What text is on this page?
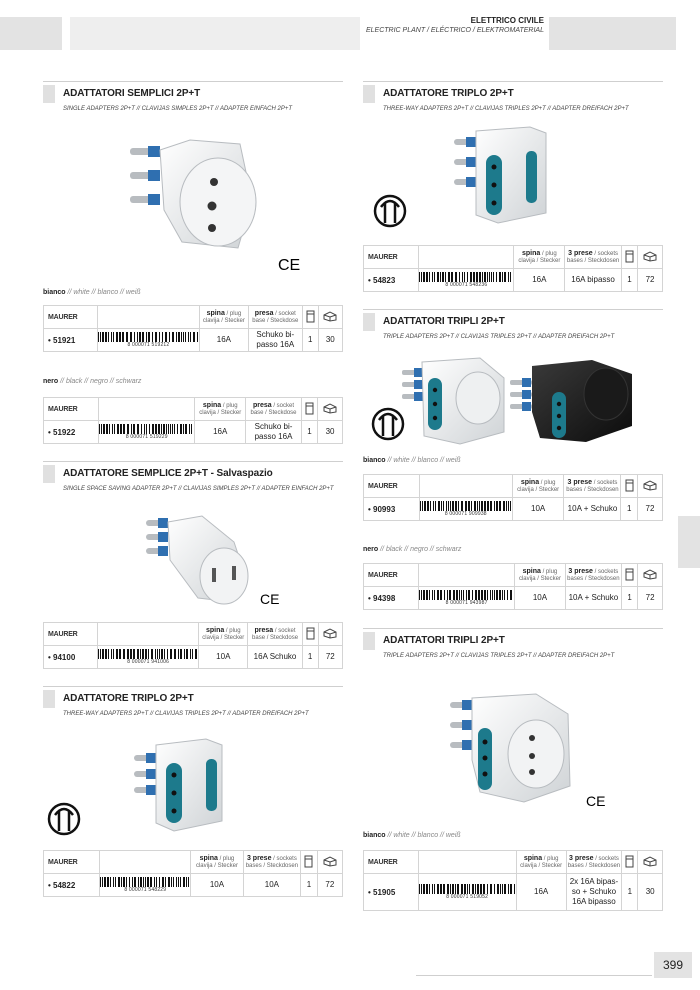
ELETTRICO CIVILE
ELECTRIC PLANT / ELÉCTRICO / ELEKTROMATERIAL
ADATTATORI SEMPLICI 2P+T
SINGLE ADAPTERS 2P+T // CLAVIJAS SIMPLES 2P+T // ADAPTER EINFACH 2P+T
CE
bianco // white // blanco // weiß
MAURER		spina / plug
clavija / Stecker	presa / socket
base / Steckdose		
• 51921	8 000071 519212	16A	Schuko bi-passo 16A	1	30
nero // black // negro // schwarz
MAURER		spina / plug
clavija / Stecker	presa / socket
base / Steckdose		
• 51922	8 000071 519229	16A	Schuko bi-passo 16A	1	30
ADATTATORE SEMPLICE 2P+T - Salvaspazio
SINGLE SPACE SAVING ADAPTER 2P+T // CLAVIJAS SIMPLES 2P+T // ADAPTER EINFACH 2P+T
CE
MAURER		spina / plug
clavija / Stecker	presa / socket
base / Steckdose		
• 94100	8 000071 941006	10A	16A Schuko	1	72
ADATTATORE TRIPLO 2P+T
THREE-WAY ADAPTERS 2P+T // CLAVIJAS TRIPLES 2P+T // ADAPTER DREIFACH 2P+T
MAURER		spina / plug
clavija / Stecker	3 prese / sockets
bases / Steckdosen		
• 54822	8 000071 548229	10A	10A	1	72
ADATTATORE TRIPLO 2P+T
THREE-WAY ADAPTERS 2P+T // CLAVIJAS TRIPLES 2P+T // ADAPTER DREIFACH 2P+T
MAURER		spina / plug
clavija / Stecker	3 prese / sockets
bases / Steckdosen		
• 54823	8 000071 548236	16A	16A bipasso	1	72
ADATTATORI TRIPLI 2P+T
TRIPLE ADAPTERS 2P+T // CLAVIJAS TRIPLES 2P+T // ADAPTER DREIFACH 2P+T
bianco // white // blanco // weiß
MAURER		spina / plug
clavija / Stecker	3 prese / sockets
bases / Steckdosen		
• 90993	8 000071 909938	10A	10A + Schuko	1	72
nero // black // negro // schwarz
MAURER		spina / plug
clavija / Stecker	3 prese / sockets
bases / Steckdosen		
• 94398	8 000071 943987	10A	10A + Schuko	1	72
ADATTATORI TRIPLI 2P+T
TRIPLE ADAPTERS 2P+T // CLAVIJAS TRIPLES 2P+T // ADAPTER DREIFACH 2P+T
CE
bianco // white // blanco // weiß
MAURER		spina / plug
clavija / Stecker	3 prese / sockets
bases / Steckdosen		
• 51905	8 000071 519052	16A	2x 16A bipas-so + Schuko 16A bipasso	1	30
399
